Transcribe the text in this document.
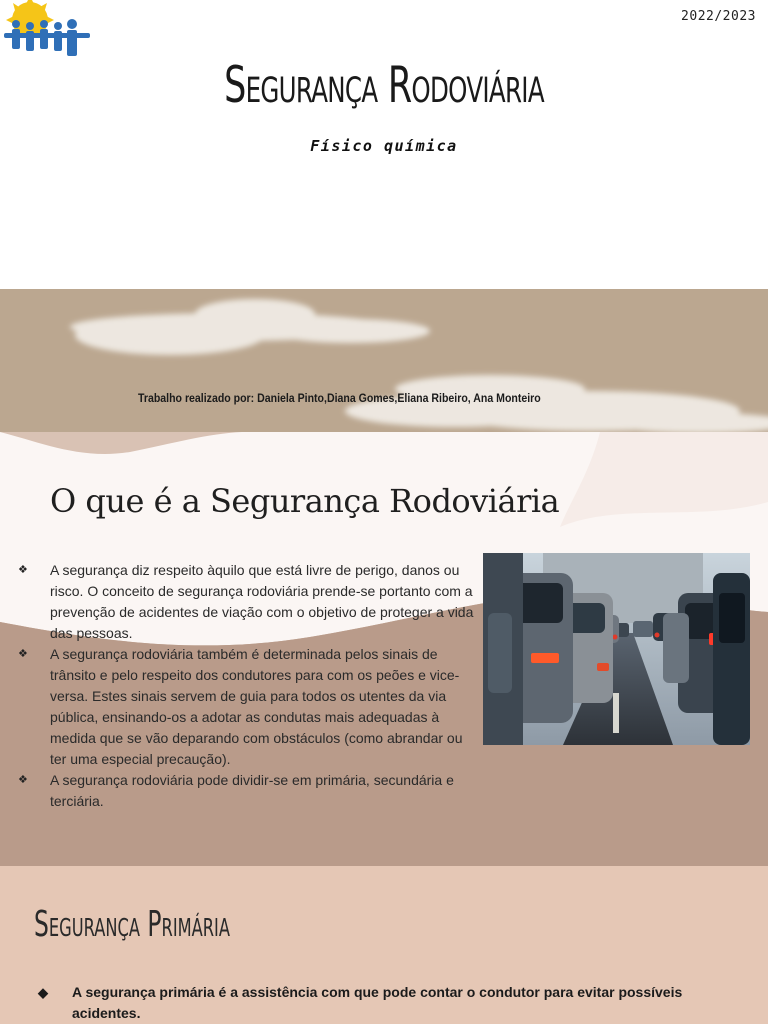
2022/2023
Segurança Rodoviária
Físico química
Trabalho realizado por: Daniela Pinto,Diana Gomes,Eliana Ribeiro, Ana Monteiro
O que é a Segurança Rodoviária
❖ A segurança diz respeito àquilo que está livre de perigo, danos ou risco. O conceito de segurança rodoviária prende-se portanto com a prevenção de acidentes de viação com o objetivo de proteger a vida das pessoas.
❖ A segurança rodoviária também é determinada pelos sinais de trânsito e pelo respeito dos condutores para com os peões e vice-versa. Estes sinais servem de guia para todos os utentes da via pública, ensinando-os a adotar as condutas mais adequadas à medida que se vão deparando com obstáculos (como abrandar ou ter uma especial precaução).
❖ A segurança rodoviária pode dividir-se em primária, secundária e terciária.
Segurança Primária
◆ A segurança primária é a assistência com que pode contar o condutor para evitar possíveis acidentes.
